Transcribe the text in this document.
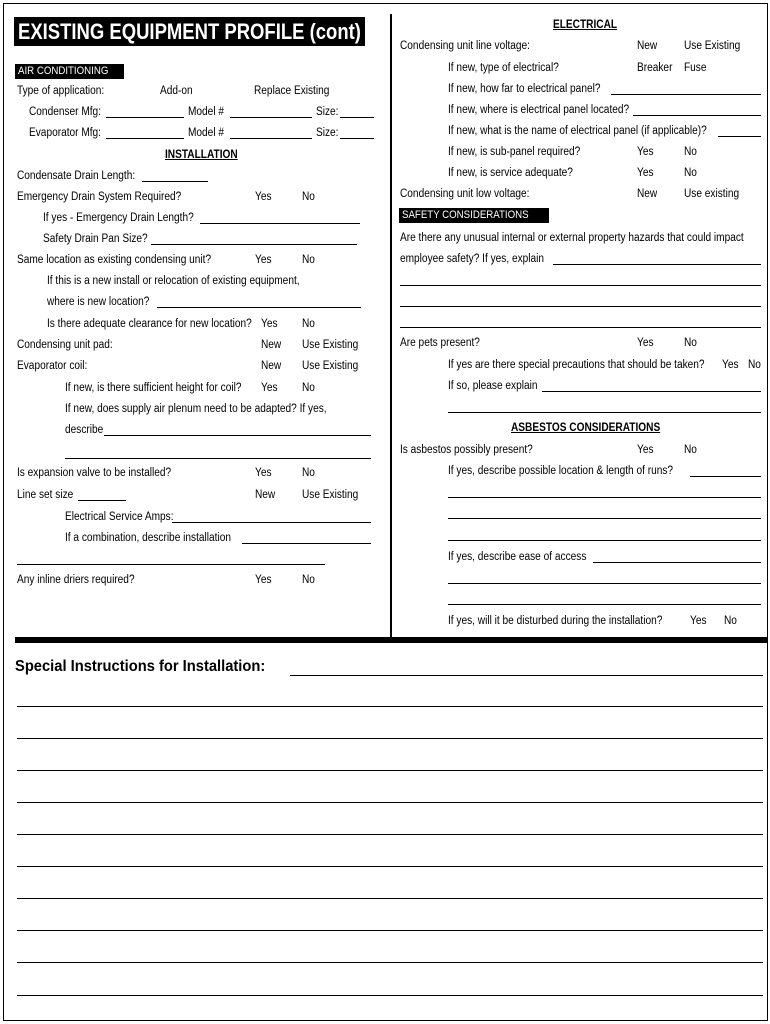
EXISTING EQUIPMENT PROFILE (cont)
AIR CONDITIONING
Type of application:	Add-on	Replace Existing
Condenser Mfg:	Model #	Size:
Evaporator Mfg:	Model #	Size:
INSTALLATION
Condensate Drain Length:
Emergency Drain System Required?	Yes	No
If yes - Emergency Drain Length?
Safety Drain Pan Size?
Same location as existing condensing unit?	Yes	No
If this is a new install or relocation of existing equipment,
where is new location?
Is there adequate clearance for new location? Yes No
Condensing unit pad:	New Use Existing
Evaporator coil:	New Use Existing
If new, is there sufficient height for coil? Yes No
If new, does supply air plenum need to be adapted? If yes,
describe
Is expansion valve to be installed?	Yes	No
Line set size	New Use Existing
Electrical Service Amps:
If a combination, describe installation
Any inline driers required?	Yes	No
ELECTRICAL
Condensing unit line voltage:	New Use Existing
If new, type of electrical?	Breaker Fuse
If new, how far to electrical panel?
If new, where is electrical panel located?
If new, what is the name of electrical panel (if applicable)?
If new, is sub-panel required?	Yes	No
If new, is service adequate?	Yes	No
Condensing unit low voltage:	New Use existing
SAFETY CONSIDERATIONS
Are there any unusual internal or external property hazards that could impact
employee safety? If yes, explain
Are pets present?	Yes	No
If yes are there special precautions that should be taken? Yes No
If so, please explain
ASBESTOS CONSIDERATIONS
Is asbestos possibly present?	Yes	No
If yes, describe possible location & length of runs?
If yes, describe ease of access
If yes, will it be disturbed during the installation? Yes No
Special Instructions for Installation:
